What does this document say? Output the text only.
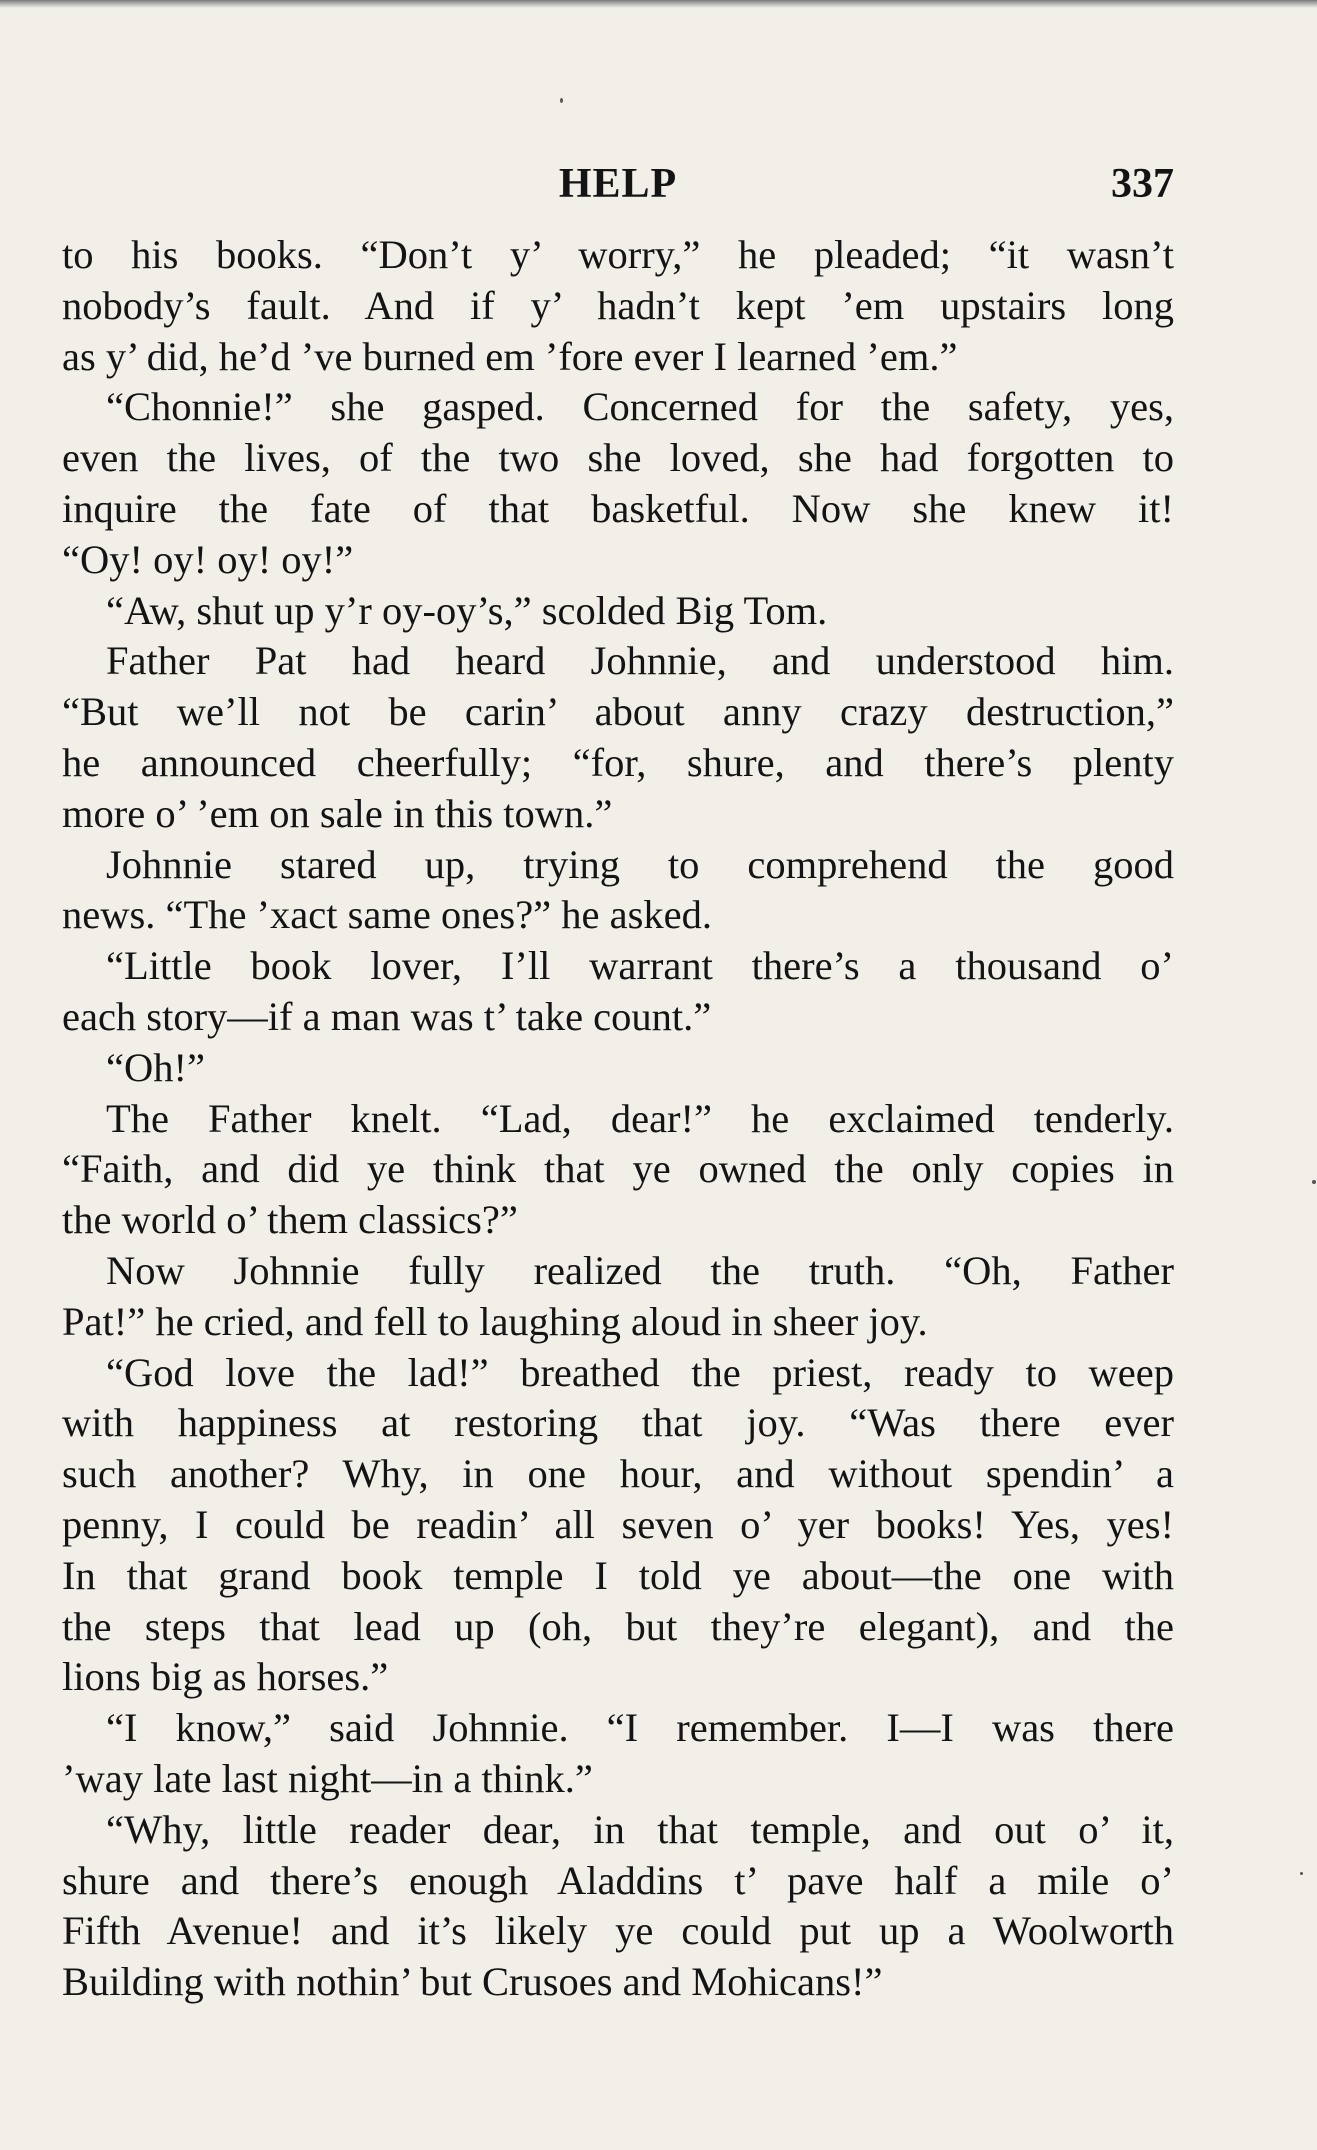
HELP	337

to his books. “Don’t y’ worry,” he pleaded; “it wasn’t

nobody’s fault. And if y’ hadn’t kept ’em upstairs long

as y’ did, he’d ’ve burned em ’fore ever I learned ’em.”

“Chonnie!” she gasped. Concerned for the safety, yes,

even the lives, of the two she loved, she had forgotten to

inquire the fate of that basketful. Now she knew it!

“Oy! oy! oy! oy!”

“Aw, shut up y’r oy-oy’s,” scolded Big Tom.

Father Pat had heard Johnnie, and understood him.

“But we’ll not be carin’ about anny crazy destruction,”

he announced cheerfully; “for, shure, and there’s plenty

more o’ ’em on sale in this town.”

Johnnie stared up, trying to comprehend the good

news. “The ’xact same ones?” he asked.

“Little book lover, I’ll warrant there’s a thousand o’

each story—if a man was t’ take count.”

“Oh!”

The Father knelt. “Lad, dear!” he exclaimed tenderly.

“Faith, and did ye think that ye owned the only copies in

the world o’ them classics?”

Now Johnnie fully realized the truth. “Oh, Father

Pat!” he cried, and fell to laughing aloud in sheer joy.

“God love the lad!” breathed the priest, ready to weep

with happiness at restoring that joy. “Was there ever

such another? Why, in one hour, and without spendin’ a

penny, I could be readin’ all seven o’ yer books! Yes, yes!

In that grand book temple I told ye about—the one with

the steps that lead up (oh, but they’re elegant), and the

lions big as horses.”

“I know,” said Johnnie. “I remember. I—I was there

’way late last night—in a think.”

“Why, little reader dear, in that temple, and out o’ it,

shure and there’s enough Aladdins t’ pave half a mile o’

Fifth Avenue! and it’s likely ye could put up a Woolworth

Building with nothin’ but Crusoes and Mohicans!”
